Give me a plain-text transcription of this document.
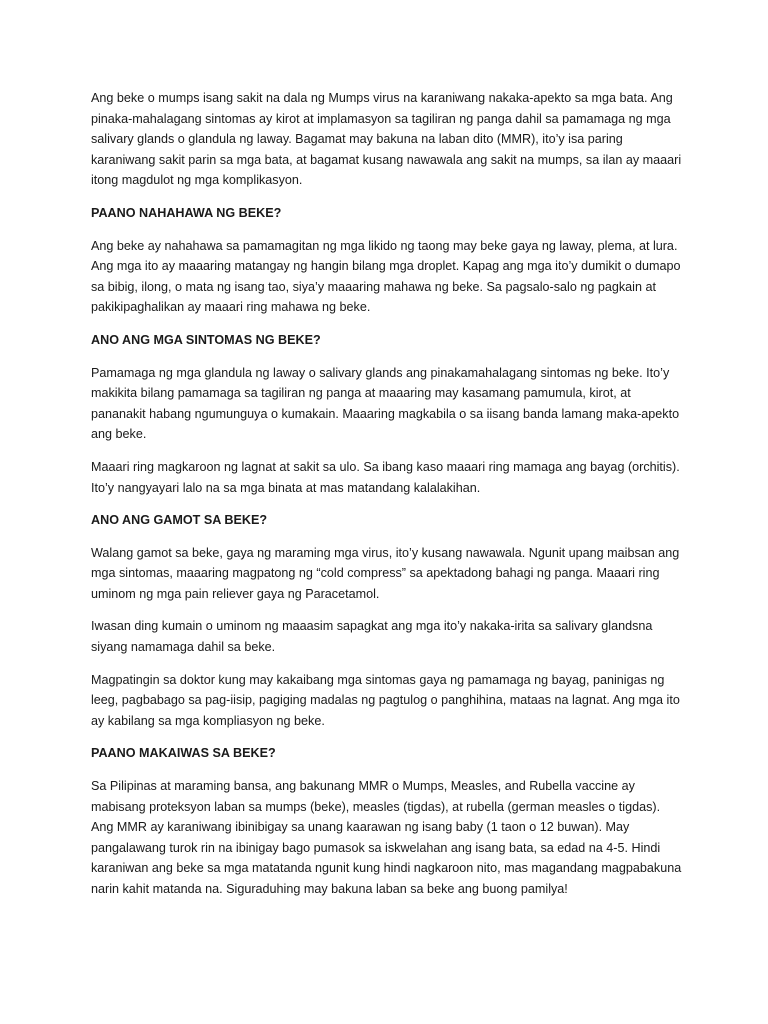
Ang beke o mumps isang sakit na dala ng Mumps virus na karaniwang nakaka-apekto sa mga bata. Ang pinaka-mahalagang sintomas ay kirot at implamasyon sa tagiliran ng panga dahil sa pamamaga ng mga salivary glands o glandula ng laway. Bagamat may bakuna na laban dito (MMR), ito’y isa paring karaniwang sakit parin sa mga bata, at bagamat kusang nawawala ang sakit na mumps, sa ilan ay maaari itong magdulot ng mga komplikasyon.

PAANO NAHAHAWA NG BEKE?

Ang beke ay nahahawa sa pamamagitan ng mga likido ng taong may beke gaya ng laway, plema, at lura. Ang mga ito ay maaaring matangay ng hangin bilang mga droplet. Kapag ang mga ito’y dumikit o dumapo sa bibig, ilong, o mata ng isang tao, siya’y maaaring mahawa ng beke. Sa pagsalo-salo ng pagkain at pakikipaghalikan ay maaari ring mahawa ng beke.

ANO ANG MGA SINTOMAS NG BEKE?

Pamamaga ng mga glandula ng laway o salivary glands ang pinakamahalagang sintomas ng beke. Ito’y makikita bilang pamamaga sa tagiliran ng panga at maaaring may kasamang pamumula, kirot, at pananakit habang ngumunguya o kumakain. Maaaring magkabila o sa iisang banda lamang maka-apekto ang beke.

Maaari ring magkaroon ng lagnat at sakit sa ulo. Sa ibang kaso maaari ring mamaga ang bayag (orchitis). Ito’y nangyayari lalo na sa mga binata at mas matandang kalalakihan.

ANO ANG GAMOT SA BEKE?

Walang gamot sa beke, gaya ng maraming mga virus, ito’y kusang nawawala. Ngunit upang maibsan ang mga sintomas, maaaring magpatong ng “cold compress” sa apektadong bahagi ng panga. Maaari ring uminom ng mga pain reliever gaya ng Paracetamol.

Iwasan ding kumain o uminom ng maaasim sapagkat ang mga ito’y nakaka-irita sa salivary glandsna siyang namamaga dahil sa beke.

Magpatingin sa doktor kung may kakaibang mga sintomas gaya ng pamamaga ng bayag, paninigas ng leeg, pagbabago sa pag-iisip, pagiging madalas ng pagtulog o panghihina, mataas na lagnat. Ang mga ito ay kabilang sa mga kompliasyon ng beke.

PAANO MAKAIWAS SA BEKE?

Sa Pilipinas at maraming bansa, ang bakunang MMR o Mumps, Measles, and Rubella vaccine ay mabisang proteksyon laban sa mumps (beke), measles (tigdas), at rubella (german measles o tigdas). Ang MMR ay karaniwang ibinibigay sa unang kaarawan ng isang baby (1 taon o 12 buwan). May pangalawang turok rin na ibinigay bago pumasok sa iskwelahan ang isang bata, sa edad na 4-5. Hindi karaniwan ang beke sa mga matatanda ngunit kung hindi nagkaroon nito, mas magandang magpabakuna narin kahit matanda na. Siguraduhing may bakuna laban sa beke ang buong pamilya!
